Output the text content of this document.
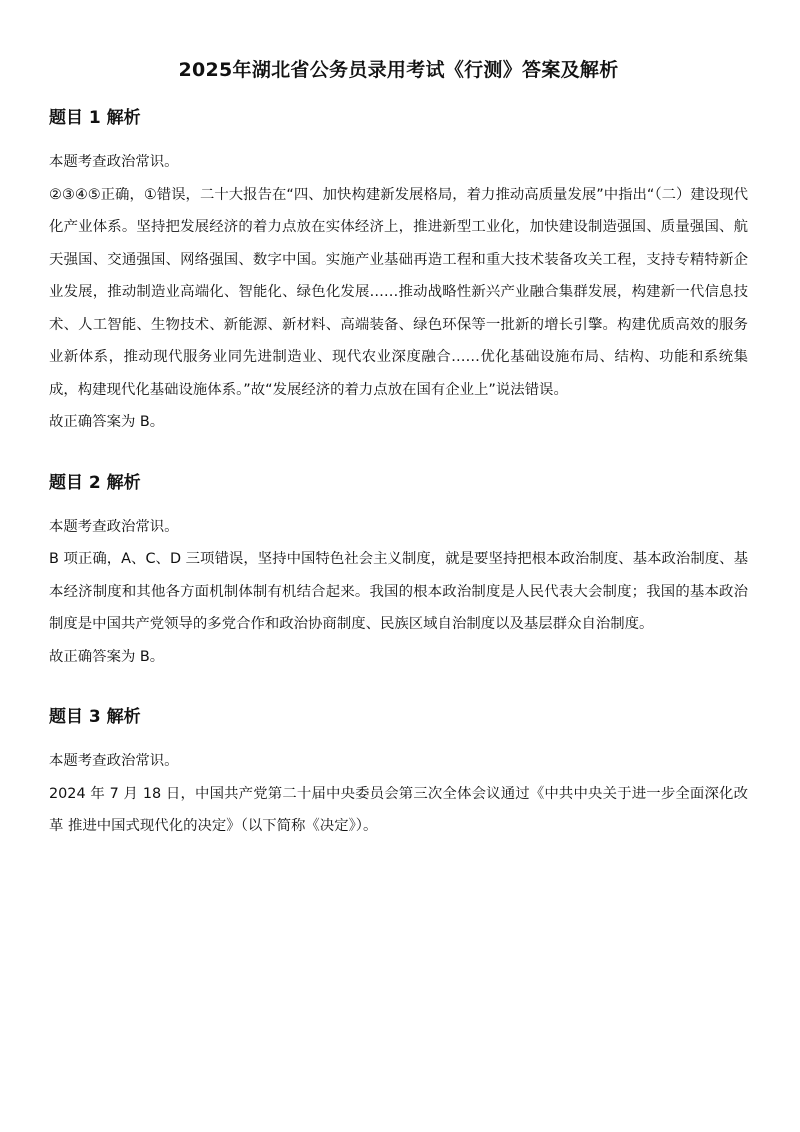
2025年湖北省公务员录用考试《行测》答案及解析
题目 1 解析

本题考查政治常识。

②③④⑤正确，①错误，二十大报告在“四、加快构建新发展格局，着力推动高质量发展”中指出“（二）建设现代化产业体系。坚持把发展经济的着力点放在实体经济上，推进新型工业化，加快建设制造强国、质量强国、航天强国、交通强国、网络强国、数字中国。实施产业基础再造工程和重大技术装备攻关工程，支持专精特新企业发展，推动制造业高端化、智能化、绿色化发展……推动战略性新兴产业融合集群发展，构建新一代信息技术、人工智能、生物技术、新能源、新材料、高端装备、绿色环保等一批新的增长引擎。构建优质高效的服务业新体系，推动现代服务业同先进制造业、现代农业深度融合……优化基础设施布局、结构、功能和系统集成，构建现代化基础设施体系。”故“发展经济的着力点放在国有企业上”说法错误。

故正确答案为 B。

题目 2 解析

本题考查政治常识。

B 项正确，A、C、D 三项错误，坚持中国特色社会主义制度，就是要坚持把根本政治制度、基本政治制度、基本经济制度和其他各方面机制体制有机结合起来。我国的根本政治制度是人民代表大会制度；我国的基本政治制度是中国共产党领导的多党合作和政治协商制度、民族区域自治制度以及基层群众自治制度。

故正确答案为 B。

题目 3 解析

本题考查政治常识。

2024 年 7 月 18 日，中国共产党第二十届中央委员会第三次全体会议通过《中共中央关于进一步全面深化改革 推进中国式现代化的决定》（以下简称《决定》）。
